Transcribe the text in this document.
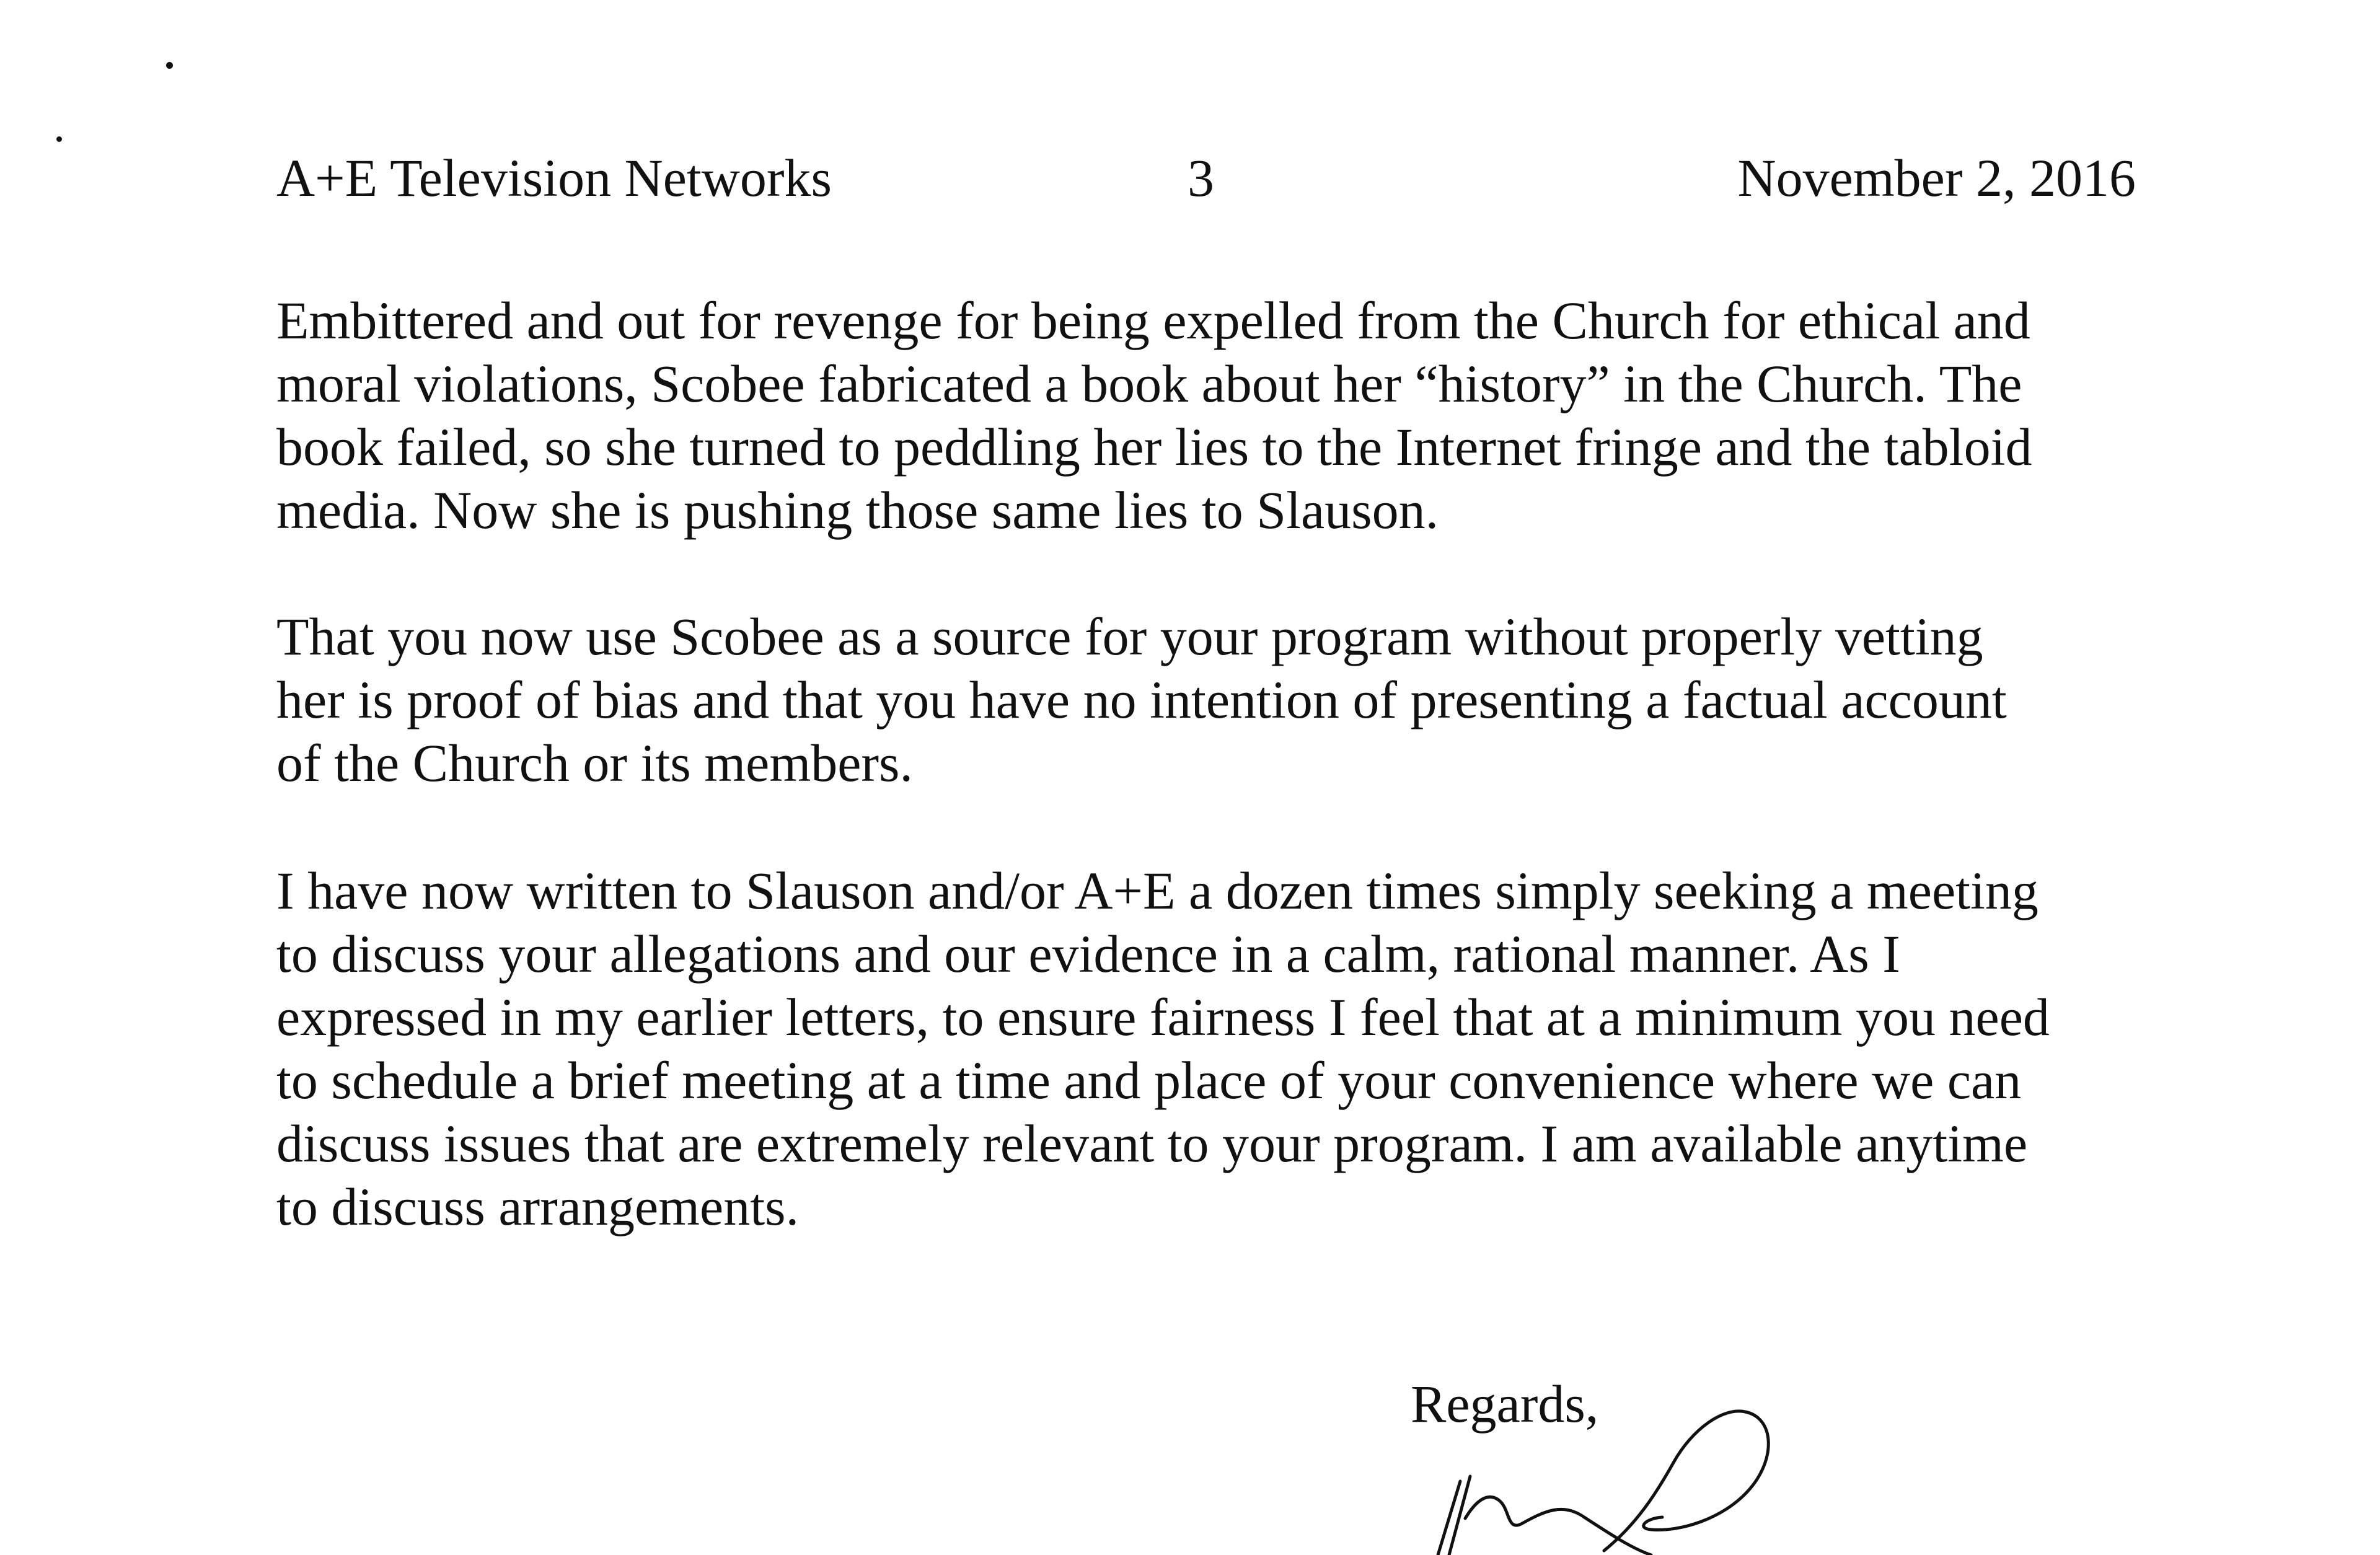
A+E Television Networks	3	November 2, 2016
Embittered and out for revenge for being expelled from the Church for ethical and
moral violations, Scobee fabricated a book about her “history” in the Church. The
book failed, so she turned to peddling her lies to the Internet fringe and the tabloid
media. Now she is pushing those same lies to Slauson.
That you now use Scobee as a source for your program without properly vetting
her is proof of bias and that you have no intention of presenting a factual account
of the Church or its members.
I have now written to Slauson and/or A+E a dozen times simply seeking a meeting
to discuss your allegations and our evidence in a calm, rational manner. As I
expressed in my earlier letters, to ensure fairness I feel that at a minimum you need
to schedule a brief meeting at a time and place of your convenience where we can
discuss issues that are extremely relevant to your program. I am available anytime
to discuss arrangements.
Regards,
